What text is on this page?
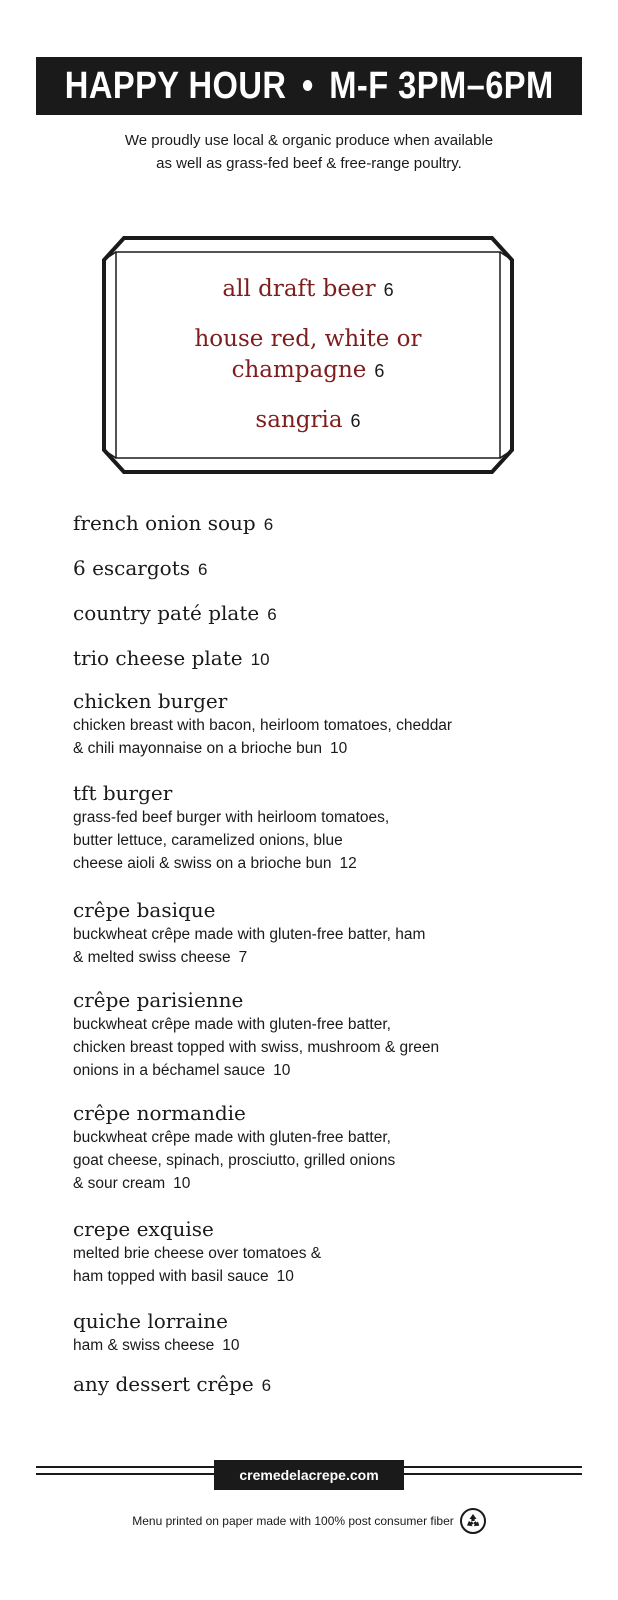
HAPPY HOUR • M-F 3PM–6PM
We proudly use local & organic produce when available
as well as grass-fed beef & free-range poultry.
all draft beer 6
house red, white or
champagne 6
sangria 6
french onion soup 6
6 escargots 6
country paté plate 6
trio cheese plate 10
chicken burger
chicken breast with bacon, heirloom tomatoes, cheddar
& chili mayonnaise on a brioche bun 10
tft burger
grass-fed beef burger with heirloom tomatoes,
butter lettuce, caramelized onions, blue
cheese aioli & swiss on a brioche bun 12
crêpe basique
buckwheat crêpe made with gluten-free batter, ham
& melted swiss cheese 7
crêpe parisienne
buckwheat crêpe made with gluten-free batter,
chicken breast topped with swiss, mushroom & green
onions in a béchamel sauce 10
crêpe normandie
buckwheat crêpe made with gluten-free batter,
goat cheese, spinach, prosciutto, grilled onions
& sour cream 10
crepe exquise
melted brie cheese over tomatoes &
ham topped with basil sauce 10
quiche lorraine
ham & swiss cheese 10
any dessert crêpe 6
cremedelacrepe.com
Menu printed on paper made with 100% post consumer fiber
